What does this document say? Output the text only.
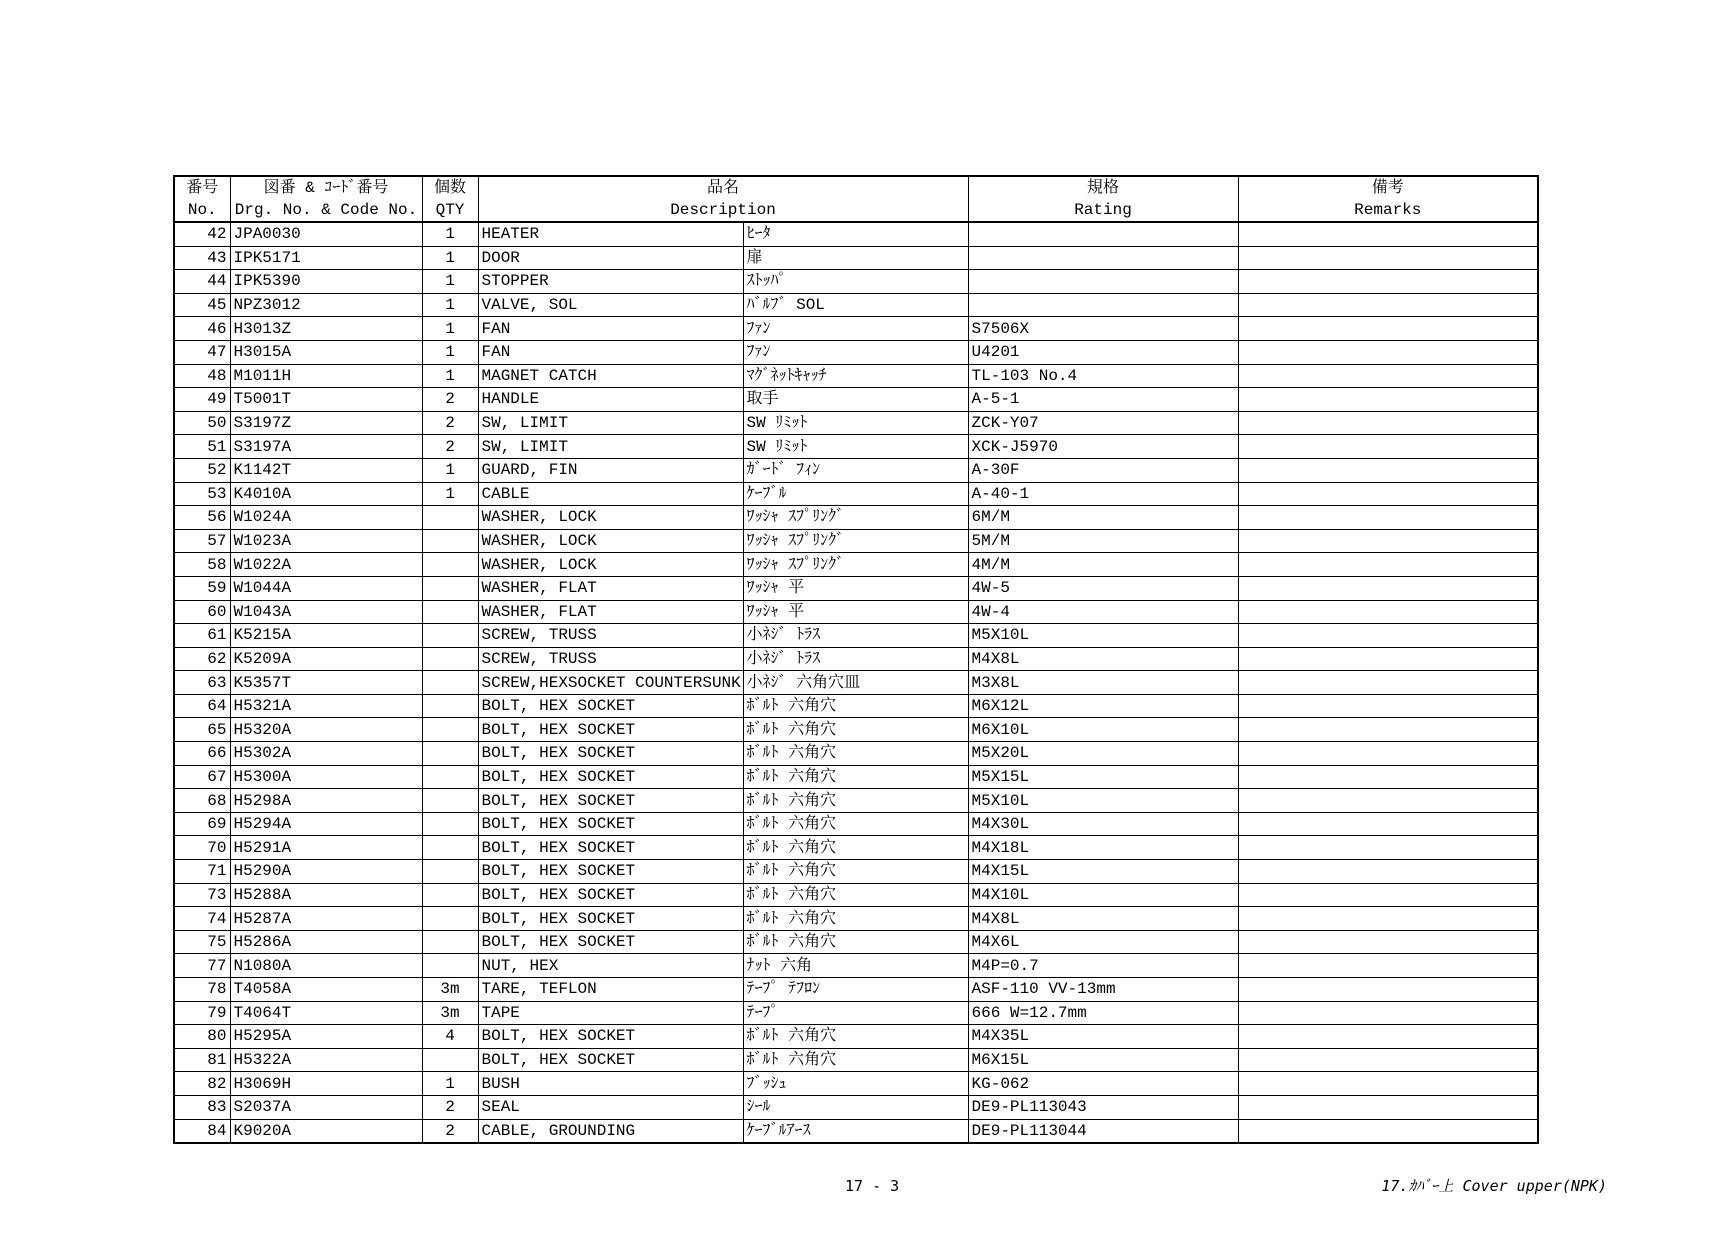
番号	図番 & ｺｰﾄﾞ番号	個数	品名		規格	備考
No.	Drg. No. & Code No.	QTY	Description		Rating	Remarks
42	JPA0030	1	HEATER	ﾋｰﾀ		
43	IPK5171	1	DOOR	扉		
44	IPK5390	1	STOPPER	ｽﾄｯﾊﾟ		
45	NPZ3012	1	VALVE, SOL	ﾊﾞﾙﾌﾞ SOL		
46	H3013Z	1	FAN	ﾌｧﾝ	S7506X	
47	H3015A	1	FAN	ﾌｧﾝ	U4201	
48	M1011H	1	MAGNET CATCH	ﾏｸﾞﾈｯﾄｷｬｯﾁ	TL-103 No.4	
49	T5001T	2	HANDLE	取手	A-5-1	
50	S3197Z	2	SW, LIMIT	SW ﾘﾐｯﾄ	ZCK-Y07	
51	S3197A	2	SW, LIMIT	SW ﾘﾐｯﾄ	XCK-J5970	
52	K1142T	1	GUARD, FIN	ｶﾞｰﾄﾞ ﾌｨﾝ	A-30F	
53	K4010A	1	CABLE	ｹｰﾌﾞﾙ	A-40-1	
56	W1024A		WASHER, LOCK	ﾜｯｼｬ ｽﾌﾟﾘﾝｸﾞ	6M/M	
57	W1023A		WASHER, LOCK	ﾜｯｼｬ ｽﾌﾟﾘﾝｸﾞ	5M/M	
58	W1022A		WASHER, LOCK	ﾜｯｼｬ ｽﾌﾟﾘﾝｸﾞ	4M/M	
59	W1044A		WASHER, FLAT	ﾜｯｼｬ 平	4W-5	
60	W1043A		WASHER, FLAT	ﾜｯｼｬ 平	4W-4	
61	K5215A		SCREW, TRUSS	小ﾈｼﾞ ﾄﾗｽ	M5X10L	
62	K5209A		SCREW, TRUSS	小ﾈｼﾞ ﾄﾗｽ	M4X8L	
63	K5357T		SCREW,HEXSOCKET COUNTERSUNK	小ﾈｼﾞ 六角穴皿	M3X8L	
64	H5321A		BOLT, HEX SOCKET	ﾎﾞﾙﾄ 六角穴	M6X12L	
65	H5320A		BOLT, HEX SOCKET	ﾎﾞﾙﾄ 六角穴	M6X10L	
66	H5302A		BOLT, HEX SOCKET	ﾎﾞﾙﾄ 六角穴	M5X20L	
67	H5300A		BOLT, HEX SOCKET	ﾎﾞﾙﾄ 六角穴	M5X15L	
68	H5298A		BOLT, HEX SOCKET	ﾎﾞﾙﾄ 六角穴	M5X10L	
69	H5294A		BOLT, HEX SOCKET	ﾎﾞﾙﾄ 六角穴	M4X30L	
70	H5291A		BOLT, HEX SOCKET	ﾎﾞﾙﾄ 六角穴	M4X18L	
71	H5290A		BOLT, HEX SOCKET	ﾎﾞﾙﾄ 六角穴	M4X15L	
73	H5288A		BOLT, HEX SOCKET	ﾎﾞﾙﾄ 六角穴	M4X10L	
74	H5287A		BOLT, HEX SOCKET	ﾎﾞﾙﾄ 六角穴	M4X8L	
75	H5286A		BOLT, HEX SOCKET	ﾎﾞﾙﾄ 六角穴	M4X6L	
77	N1080A		NUT, HEX	ﾅｯﾄ 六角	M4P=0.7	
78	T4058A	3m	TARE, TEFLON	ﾃｰﾌﾟ ﾃﾌﾛﾝ	ASF-110 VV-13mm	
79	T4064T	3m	TAPE	ﾃｰﾌﾟ	666 W=12.7mm	
80	H5295A	4	BOLT, HEX SOCKET	ﾎﾞﾙﾄ 六角穴	M4X35L	
81	H5322A		BOLT, HEX SOCKET	ﾎﾞﾙﾄ 六角穴	M6X15L	
82	H3069H	1	BUSH	ﾌﾞｯｼｭ	KG-062	
83	S2037A	2	SEAL	ｼｰﾙ	DE9-PL113043	
84	K9020A	2	CABLE, GROUNDING	ｹｰﾌﾞﾙｱｰｽ	DE9-PL113044	
17 - 3	17.ｶﾊﾞｰ上 Cover upper(NPK)
